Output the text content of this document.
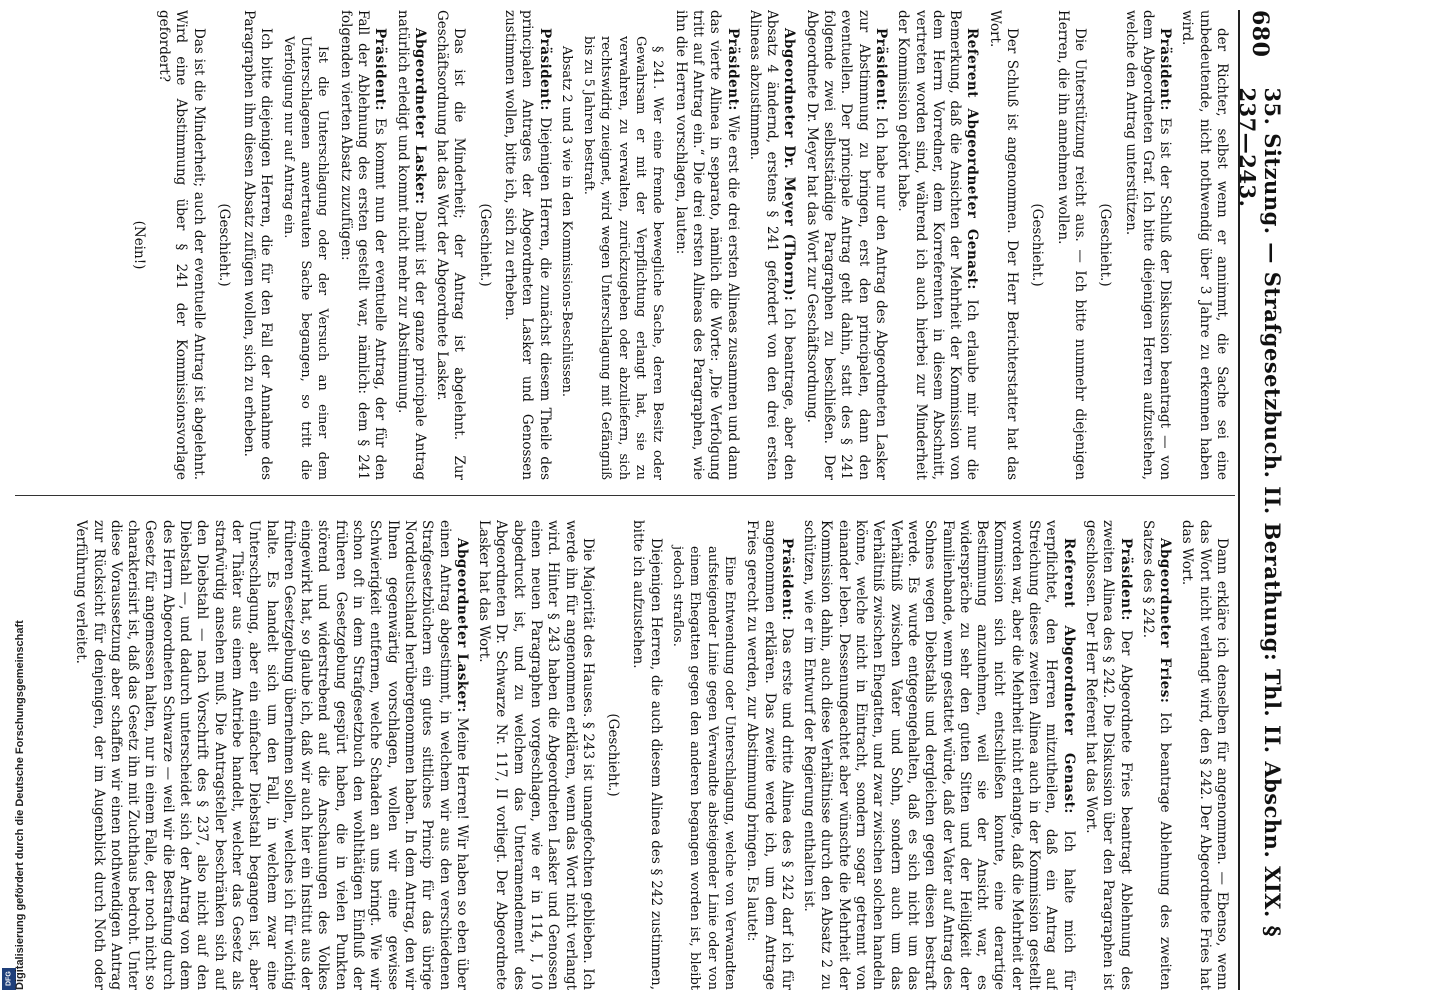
680
35. Sitzung. — Strafgesetzbuch. II. Berathung: Thl. II. Abschn. XIX. § 237—243.

der Richter, selbst wenn er annimmt, die Sache sei eine unbedeutende, nicht nothwendig über 3 Jahre zu erkennen haben wird.

Präsident: Es ist der Schluß der Diskussion beantragt — von dem Abgeordneten Graf. Ich bitte diejenigen Herren aufzustehen, welche den Antrag unterstützen.

(Geschieht.)

Die Unterstützung reicht aus. — Ich bitte nunmehr diejenigen Herren, die ihn annehmen wollen.

(Geschieht.)

Der Schluß ist angenommen. Der Herr Berichterstatter hat das Wort.

Referent Abgeordneter Genast: Ich erlaube mir nur die Bemerkung, daß die Ansichten der Mehrheit der Kommission von dem Herrn Vorredner, dem Korreferenten in diesem Abschnitt, vertreten worden sind, während ich auch hierbei zur Minderheit der Kommission gehört habe.

Präsident: Ich habe nur den Antrag des Abgeordneten Lasker zur Abstimmung zu bringen, erst den principalen, dann den eventuellen. Der principale Antrag geht dahin, statt des § 241 folgende zwei selbstständige Paragraphen zu beschließen. Der Abgeordnete Dr. Meyer hat das Wort zur Geschäftsordnung.

Abgeordneter Dr. Meyer (Thorn): Ich beantrage, aber den Absatz 4 ändernd, erstens § 241 gefordert von den drei ersten Alineas abzustimmen.

Präsident: Wie erst die drei ersten Alineas zusammen und dann das vierte Alinea in separato, nämlich die Worte: „Die Verfolgung tritt auf Antrag ein.“ Die drei ersten Alineas des Paragraphen, wie ihn die Herren vorschlagen, lauten:

§ 241. Wer eine fremde bewegliche Sache, deren Besitz oder Gewahrsam er mit der Verpflichtung erlangt hat, sie zu verwahren, zu verwalten, zurückzugeben oder abzuliefern, sich rechtswidrig zueignet, wird wegen Unterschlagung mit Gefängniß bis zu 5 Jahren bestraft.

Absatz 2 und 3 wie in den Kommissions-Beschlüssen.

Präsident: Diejenigen Herren, die zunächst diesem Theile des principalen Antrages der Abgeordneten Lasker und Genossen zustimmen wollen, bitte ich, sich zu erheben.

(Geschieht.)

Das ist die Minderheit; der Antrag ist abgelehnt. Zur Geschäftsordnung hat das Wort der Abgeordnete Lasker.

Abgeordneter Lasker: Damit ist der ganze principale Antrag natürlich erledigt und kommt nicht mehr zur Abstimmung.

Präsident: Es kommt nun der eventuelle Antrag, der für den Fall der Ablehnung des ersten gestellt war, nämlich: dem § 241 folgenden vierten Absatz zuzufügen:

Ist die Unterschlagung oder der Versuch an einer dem Unterschlagenen anvertrauten Sache begangen, so tritt die Verfolgung nur auf Antrag ein.

Ich bitte diejenigen Herren, die für den Fall der Annahme des Paragraphen ihm diesen Absatz zufügen wollen, sich zu erheben.

(Geschieht.)

Das ist die Minderheit; auch der eventuelle Antrag ist abgelehnt. Wird eine Abstimmung über § 241 der Kommissionsvorlage gefordert?

(Nein!)

Dann erkläre ich denselben für angenommen. — Ebenso, wenn das Wort nicht verlangt wird, den § 242. Der Abgeordnete Fries hat das Wort.

Abgeordneter Fries: Ich beantrage Ablehnung des zweiten Satzes des § 242.

Präsident: Der Abgeordnete Fries beantragt Ablehnung des zweiten Alinea des § 242. Die Diskussion über den Paragraphen ist geschlossen. Der Herr Referent hat das Wort.

Referent Abgeordneter Genast: Ich halte mich für verpflichtet, den Herren mitzutheilen, daß ein Antrag auf Streichung dieses zweiten Alinea auch in der Kommission gestellt worden war, aber die Mehrheit nicht erlangte, daß die Mehrheit der Kommission sich nicht entschließen konnte, eine derartige Bestimmung anzunehmen, weil sie der Ansicht war, es widerspräche zu sehr den guten Sitten und der Heiligkeit der Familienbande, wenn gestattet würde, daß der Vater auf Antrag des Sohnes wegen Diebstahls und dergleichen gegen diesen bestraft werde. Es wurde entgegengehalten, daß es sich nicht um das Verhältniß zwischen Vater und Sohn, sondern auch um das Verhältniß zwischen Ehegatten, und zwar zwischen solchen handeln könne, welche nicht in Eintracht, sondern sogar getrennt von einander leben. Dessenungeachtet aber wünschte die Mehrheit der Kommission dahin, auch diese Verhältnisse durch den Absatz 2 zu schützen, wie er im Entwurf der Regierung enthalten ist.

Präsident: Das erste und dritte Alinea des § 242 darf ich für angenommen erklären. Das zweite werde ich, um dem Antrage Fries gerecht zu werden, zur Abstimmung bringen. Es lautet:

Eine Entwendung oder Unterschlagung, welche von Verwandten aufsteigender Linie gegen Verwandte absteigender Linie oder von einem Ehegatten gegen den anderen begangen worden ist, bleibt jedoch straflos.

Diejenigen Herren, die auch diesem Alinea des § 242 zustimmen, bitte ich aufzustehen.

(Geschieht.)

Die Majorität des Hauses. § 243 ist unangefochten geblieben. Ich werde ihn für angenommen erklären, wenn das Wort nicht verlangt wird. Hinter § 243 haben die Abgeordneten Lasker und Genossen einen neuen Paragraphen vorgeschlagen, wie er in 114, I, 10 abgedruckt ist, und zu welchem das Unteramendement des Abgeordneten Dr. Schwarze Nr. 117, II vorliegt. Der Abgeordnete Lasker hat das Wort.

Abgeordneter Lasker: Meine Herren! Wir haben so eben über einen Antrag abgestimmt, in welchem wir aus den verschiedenen Strafgesetzbüchern ein gutes sittliches Princip für das übrige Norddeutschland herübergenommen haben. In dem Antrag, den wir Ihnen gegenwärtig vorschlagen, wollen wir eine gewisse Schwierigkeit entfernen, welche Schaden an uns bringt. Wie wir schon oft in dem Strafgesetzbuch den wohlthätigen Einfluß der früheren Gesetzgebung gespürt haben, die in vielen Punkten störend und widerstrebend auf die Anschauungen des Volkes eingewirkt hat, so glaube ich, daß wir auch hier ein Institut aus der früheren Gesetzgebung übernehmen sollen, welches ich für wichtig halte. Es handelt sich um den Fall, in welchem zwar eine Unterschlagung, aber ein einfacher Diebstahl begangen ist, aber der Thäter aus einem Antriebe handelt, welcher das Gesetz als strafwürdig ansehen muß. Die Antragsteller beschränken sich auf den Diebstahl — nach Vorschrift des § 237, also nicht auf den Diebstahl —, und dadurch unterscheidet sich der Antrag von dem des Herrn Abgeordneten Schwarze — weil wir die Bestrafung durch Gesetz für angemessen halten, nur in einem Falle, der noch nicht so charakterisirt ist, daß das Gesetz ihn mit Zuchthaus bedroht. Unter diese Voraussetzung aber schaffen wir einen nothwendigen Antrag zur Rücksicht für denjenigen, der im Augenblick durch Noth oder Verführung verleitet.

DFG Digitalisierung gefördert durch die Deutsche Forschungsgemeinschaft
